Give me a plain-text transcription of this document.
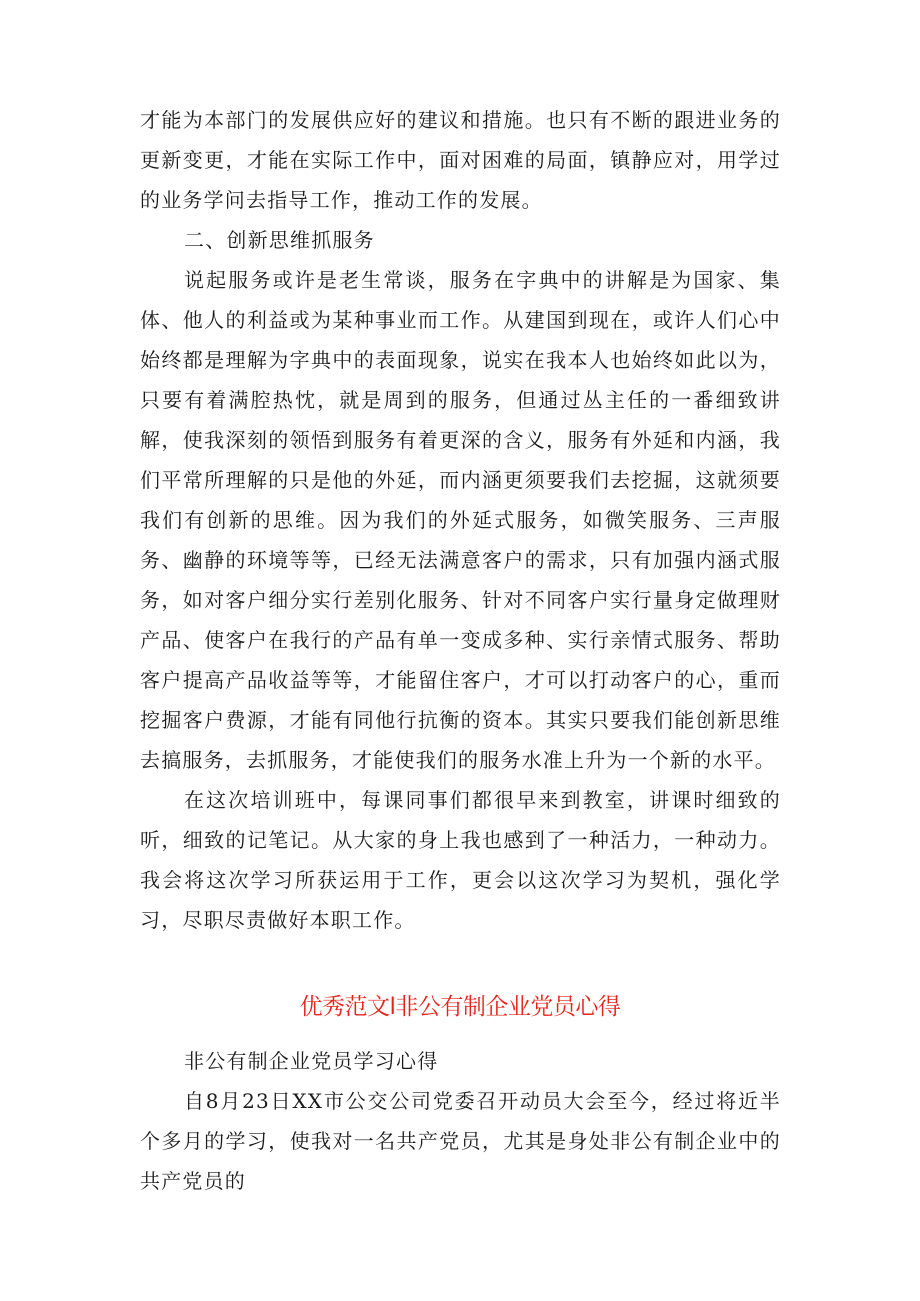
才能为本部门的发展供应好的建议和措施。也只有不断的跟进业务的更新变更，才能在实际工作中，面对困难的局面，镇静应对，用学过的业务学问去指导工作，推动工作的发展。

二、创新思维抓服务

说起服务或许是老生常谈，服务在字典中的讲解是为国家、集体、他人的利益或为某种事业而工作。从建国到现在，或许人们心中始终都是理解为字典中的表面现象，说实在我本人也始终如此以为，只要有着满腔热忱，就是周到的服务，但通过丛主任的一番细致讲解，使我深刻的领悟到服务有着更深的含义，服务有外延和内涵，我们平常所理解的只是他的外延，而内涵更须要我们去挖掘，这就须要我们有创新的思维。因为我们的外延式服务，如微笑服务、三声服务、幽静的环境等等，已经无法满意客户的需求，只有加强内涵式服务，如对客户细分实行差别化服务、针对不同客户实行量身定做理财产品、使客户在我行的产品有单一变成多种、实行亲情式服务、帮助客户提高产品收益等等，才能留住客户，才可以打动客户的心，重而挖掘客户费源，才能有同他行抗衡的资本。其实只要我们能创新思维去搞服务，去抓服务，才能使我们的服务水准上升为一个新的水平。

在这次培训班中，每课同事们都很早来到教室，讲课时细致的听，细致的记笔记。从大家的身上我也感到了一种活力，一种动力。我会将这次学习所获运用于工作，更会以这次学习为契机，强化学习，尽职尽责做好本职工作。

优秀范文l非公有制企业党员心得

非公有制企业党员学习心得

自8月23日XX市公交公司党委召开动员大会至今，经过将近半个多月的学习，使我对一名共产党员，尤其是身处非公有制企业中的共产党员的
